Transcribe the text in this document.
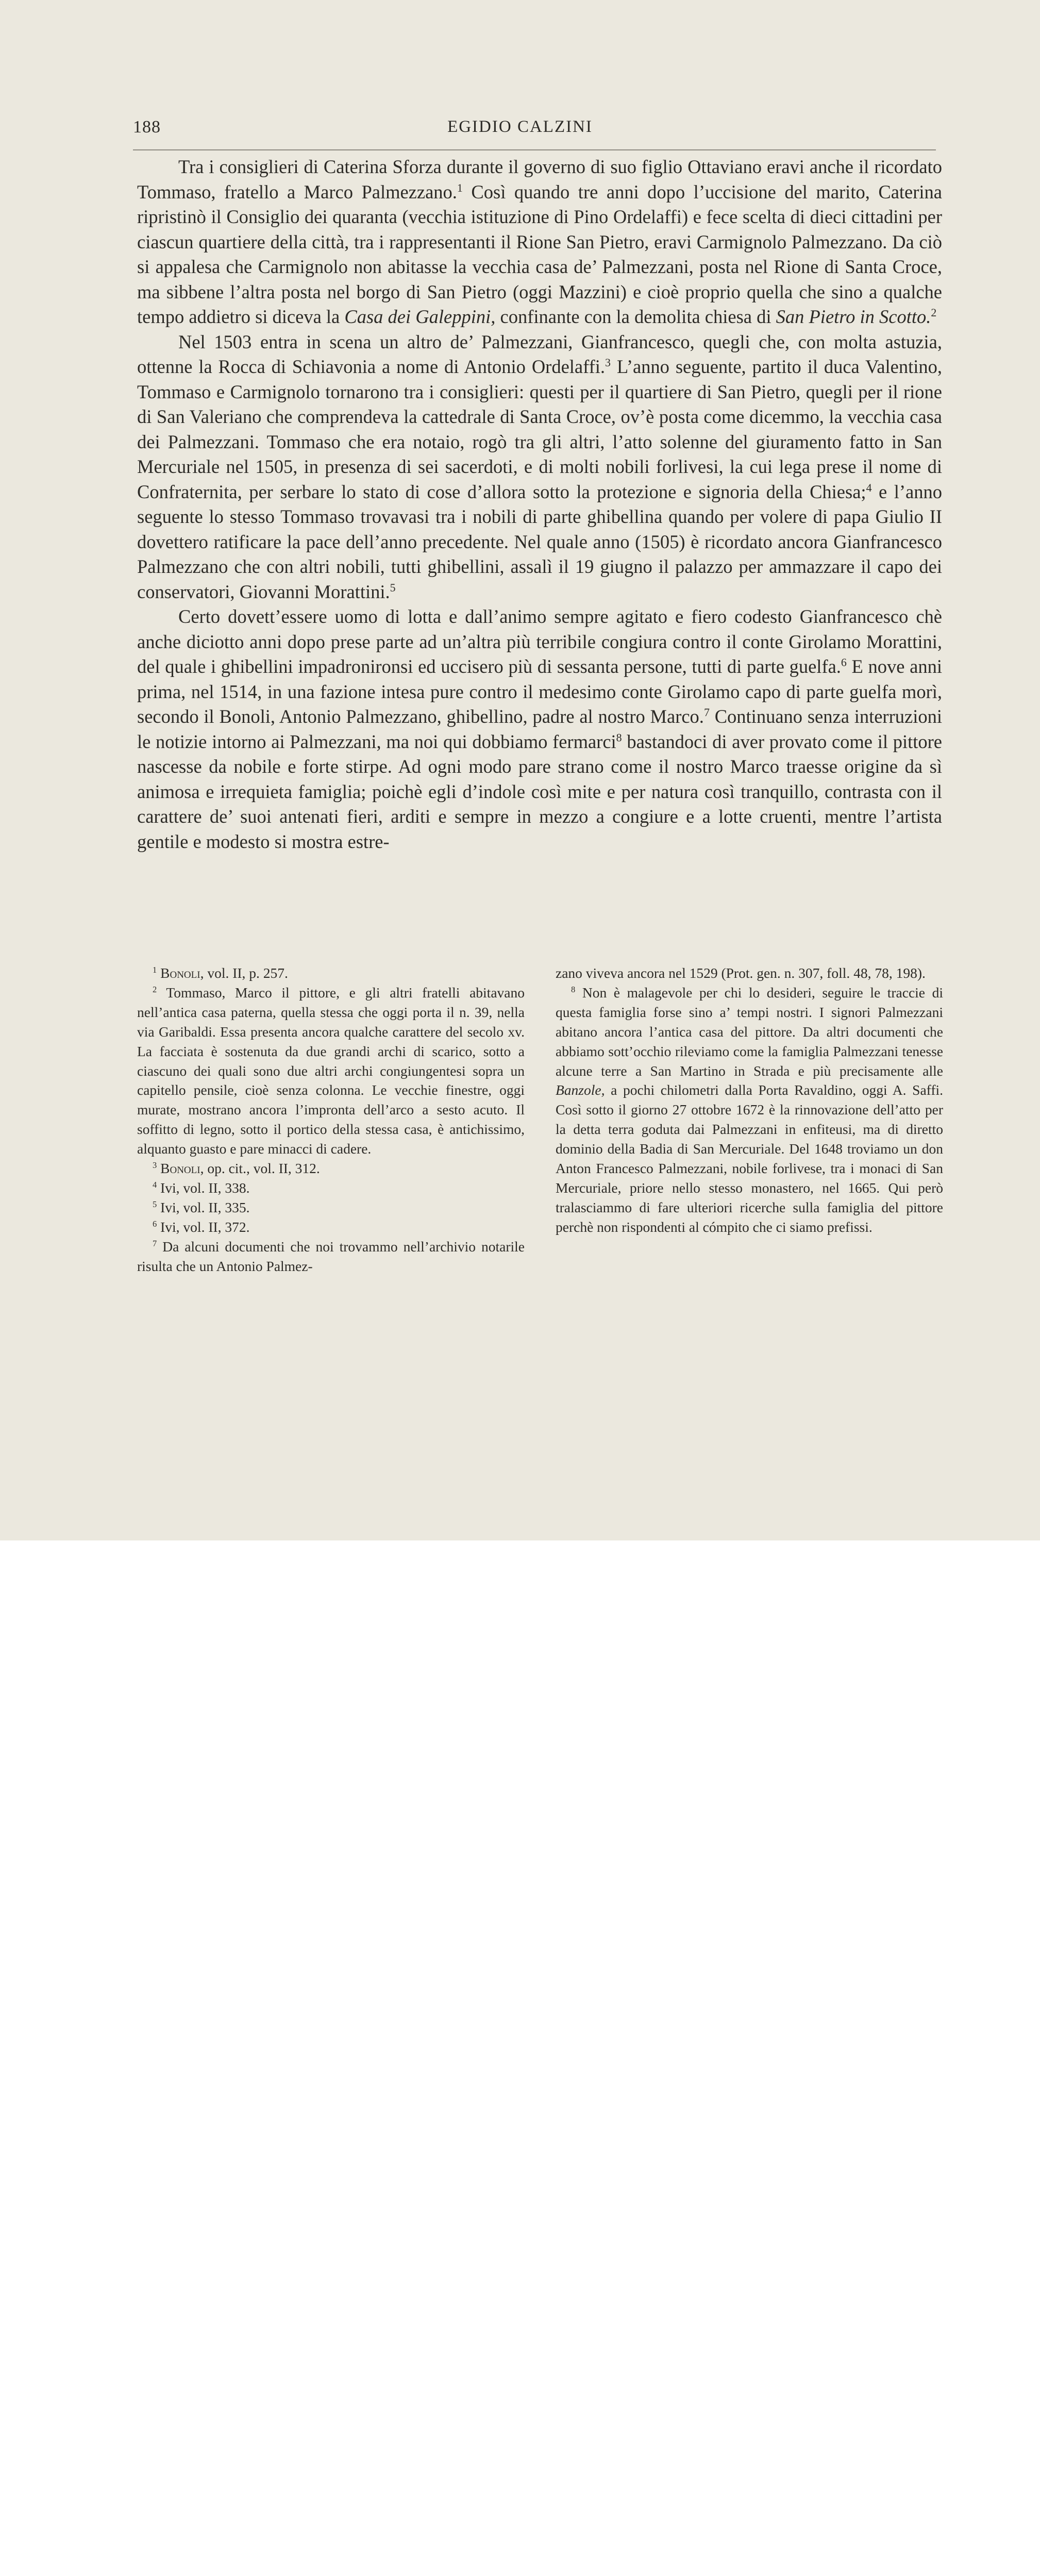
188	EGIDIO CALZINI

Tra i consiglieri di Caterina Sforza durante il governo di suo figlio Ottaviano eravi anche il ricordato Tommaso, fratello a Marco Palmezzano.$^1$ Così quando tre anni dopo l’uccisione del marito, Caterina ripristinò il Consiglio dei quaranta (vecchia istituzione di Pino Ordelaffi) e fece scelta di dieci cittadini per ciascun quartiere della città, tra i rappresentanti il Rione San Pietro, eravi Carmignolo Palmezzano. Da ciò si appalesa che Carmignolo non abitasse la vecchia casa de’ Palmezzani, posta nel Rione di Santa Croce, ma sibbene l’altra posta nel borgo di San Pietro (oggi Mazzini) e cioè proprio quella che sino a qualche tempo addietro si diceva la Casa dei Galeppini, confinante con la demolita chiesa di San Pietro in Scotto.$^2$

Nel 1503 entra in scena un altro de’ Palmezzani, Gianfrancesco, quegli che, con molta astuzia, ottenne la Rocca di Schiavonia a nome di Antonio Ordelaffi.$^3$ L’anno seguente, partito il duca Valentino, Tommaso e Carmignolo tornarono tra i consiglieri: questi per il quartiere di San Pietro, quegli per il rione di San Valeriano che comprendeva la cattedrale di Santa Croce, ov’è posta come dicemmo, la vecchia casa dei Palmezzani. Tommaso che era notaio, rogò tra gli altri, l’atto solenne del giuramento fatto in San Mercuriale nel 1505, in presenza di sei sacerdoti, e di molti nobili forlivesi, la cui lega prese il nome di Confraternita, per serbare lo stato di cose d’allora sotto la protezione e signoria della Chiesa;$^4$ e l’anno seguente lo stesso Tommaso trovavasi tra i nobili di parte ghibellina quando per volere di papa Giulio II dovettero ratificare la pace dell’anno precedente. Nel quale anno (1505) è ricordato ancora Gianfrancesco Palmezzano che con altri nobili, tutti ghibellini, assalì il 19 giugno il palazzo per ammazzare il capo dei conservatori, Giovanni Morattini.$^5$

Certo dovett’essere uomo di lotta e dall’animo sempre agitato e fiero codesto Gianfrancesco chè anche diciotto anni dopo prese parte ad un’altra più terribile congiura contro il conte Girolamo Morattini, del quale i ghibellini impadronironsi ed uccisero più di sessanta persone, tutti di parte guelfa.$^6$ E nove anni prima, nel 1514, in una fazione intesa pure contro il medesimo conte Girolamo capo di parte guelfa morì, secondo il Bonoli, Antonio Palmezzano, ghibellino, padre al nostro Marco.$^7$ Continuano senza interruzioni le notizie intorno ai Palmezzani, ma noi qui dobbiamo fermarci$^8$ bastandoci di aver provato come il pittore nascesse da nobile e forte stirpe. Ad ogni modo pare strano come il nostro Marco traesse origine da sì animosa e irrequieta famiglia; poichè egli d’indole così mite e per natura così tranquillo, contrasta con il carattere de’ suoi antenati fieri, arditi e sempre in mezzo a congiure e a lotte cruenti, mentre l’artista gentile e modesto si mostra estre-

$^1$ Bonoli, vol. II, p. 257.

$^2$ Tommaso, Marco il pittore, e gli altri fratelli abitavano nell’antica casa paterna, quella stessa che oggi porta il n. 39, nella via Garibaldi. Essa presenta ancora qualche carattere del secolo xv. La facciata è sostenuta da due grandi archi di scarico, sotto a ciascuno dei quali sono due altri archi congiungentesi sopra un capitello pensile, cioè senza colonna. Le vecchie finestre, oggi murate, mostrano ancora l’impronta dell’arco a sesto acuto. Il soffitto di legno, sotto il portico della stessa casa, è antichissimo, alquanto guasto e pare minacci di cadere.

$^3$ Bonoli, op. cit., vol. II, 312.

$^4$ Ivi, vol. II, 338.

$^5$ Ivi, vol. II, 335.

$^6$ Ivi, vol. II, 372.

$^7$ Da alcuni documenti che noi trovammo nell’archivio notarile risulta che un Antonio Palmez-

zano viveva ancora nel 1529 (Prot. gen. n. 307, foll. 48, 78, 198).

$^8$ Non è malagevole per chi lo desideri, seguire le traccie di questa famiglia forse sino a’ tempi nostri. I signori Palmezzani abitano ancora l’antica casa del pittore. Da altri documenti che abbiamo sott’occhio rileviamo come la famiglia Palmezzani tenesse alcune terre a San Martino in Strada e più precisamente alle Banzole, a pochi chilometri dalla Porta Ravaldino, oggi A. Saffi. Così sotto il giorno 27 ottobre 1672 è la rinnovazione dell’atto per la detta terra goduta dai Palmezzani in enfiteusi, ma di diretto dominio della Badia di San Mercuriale. Del 1648 troviamo un don Anton Francesco Palmezzani, nobile forlivese, tra i monaci di San Mercuriale, priore nello stesso monastero, nel 1665. Qui però tralasciammo di fare ulteriori ricerche sulla famiglia del pittore perchè non rispondenti al cómpito che ci siamo prefissi.
